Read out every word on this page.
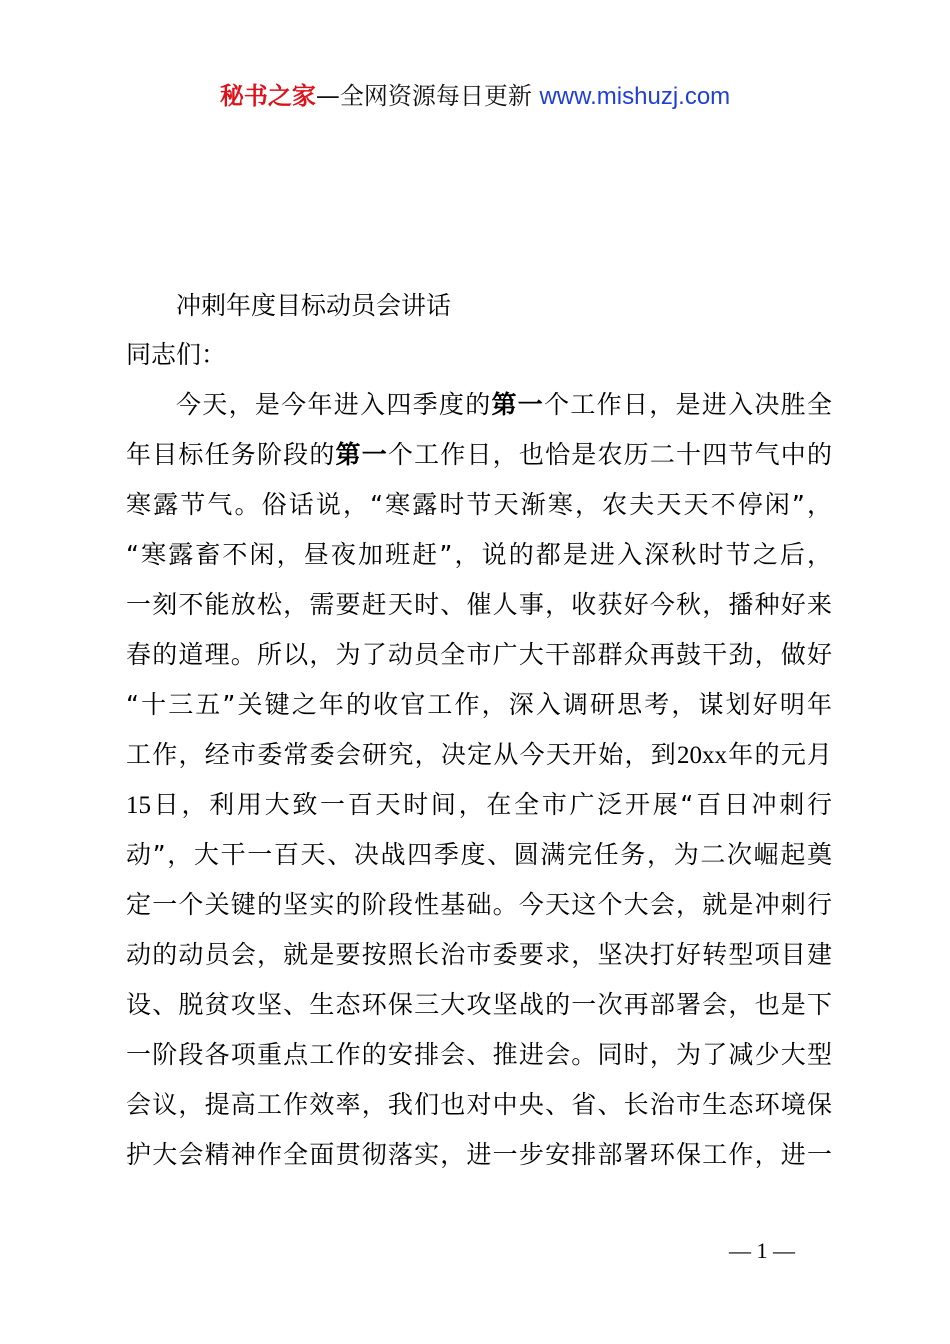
秘书之家—全网资源每日更新 www.mishuzj.com
冲刺年度目标动员会讲话

同志们：

今天，是今年进入四季度的第一个工作日，是进入决胜全

年目标任务阶段的第一个工作日，也恰是农历二十四节气中的

寒露节气。俗话说，“寒露时节天渐寒，农夫天天不停闲”，

“寒露畜不闲，昼夜加班赶”，说的都是进入深秋时节之后，

一刻不能放松，需要赶天时、催人事，收获好今秋，播种好来

春的道理。所以，为了动员全市广大干部群众再鼓干劲，做好

“十三五”关键之年的收官工作，深入调研思考，谋划好明年

工作，经市委常委会研究，决定从今天开始，到20xx年的元月

15日，利用大致一百天时间，在全市广泛开展“百日冲刺行

动”，大干一百天、决战四季度、圆满完任务，为二次崛起奠

定一个关键的坚实的阶段性基础。今天这个大会，就是冲刺行

动的动员会，就是要按照长治市委要求，坚决打好转型项目建

设、脱贫攻坚、生态环保三大攻坚战的一次再部署会，也是下

一阶段各项重点工作的安排会、推进会。同时，为了减少大型

会议，提高工作效率，我们也对中央、省、长治市生态环境保

护大会精神作全面贯彻落实，进一步安排部署环保工作，进一

— 1 —
